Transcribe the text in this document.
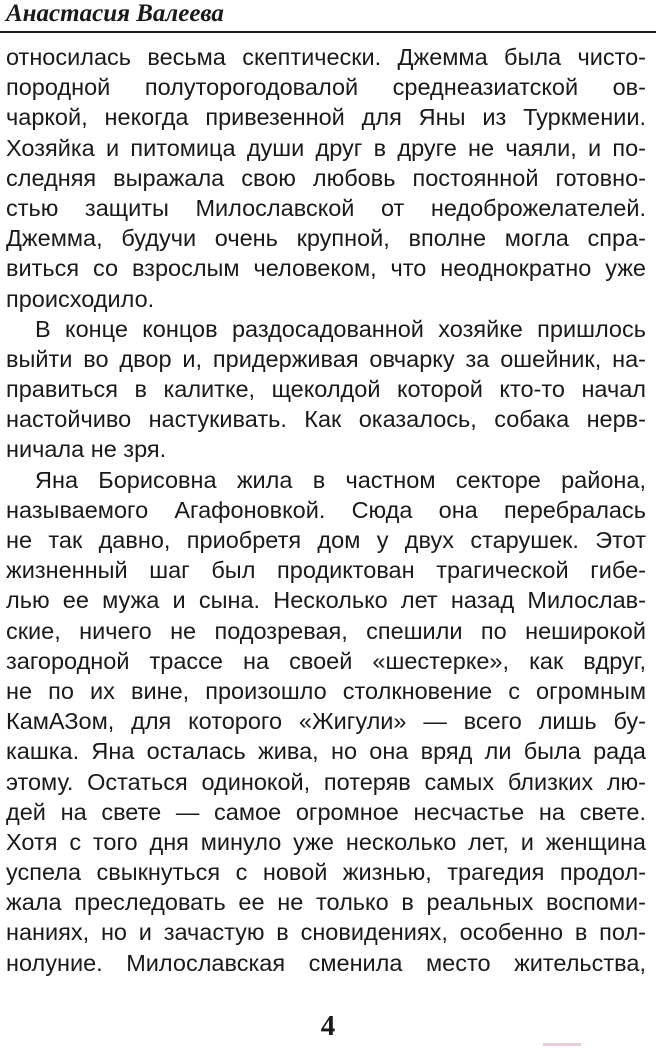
Анастасия Валеева
относилась весьма скептически. Джемма была чисто-
породной полуторогодовалой среднеазиатской ов-
чаркой, некогда привезенной для Яны из Туркмении.
Хозяйка и питомица души друг в друге не чаяли, и по-
следняя выражала свою любовь постоянной готовно-
стью защиты Милославской от недоброжелателей.
Джемма, будучи очень крупной, вполне могла спра-
виться со взрослым человеком, что неоднократно уже
происходило.
В конце концов раздосадованной хозяйке пришлось
выйти во двор и, придерживая овчарку за ошейник, на-
правиться в калитке, щеколдой которой кто-то начал
настойчиво настукивать. Как оказалось, собака нерв-
ничала не зря.
Яна Борисовна жила в частном секторе района,
называемого Агафоновкой. Сюда она перебралась
не так давно, приобретя дом у двух старушек. Этот
жизненный шаг был продиктован трагической гибе-
лью ее мужа и сына. Несколько лет назад Милослав-
ские, ничего не подозревая, спешили по неширокой
загородной трассе на своей «шестерке», как вдруг,
не по их вине, произошло столкновение с огромным
КамАЗом, для которого «Жигули» — всего лишь бу-
кашка. Яна осталась жива, но она вряд ли была рада
этому. Остаться одинокой, потеряв самых близких лю-
дей на свете — самое огромное несчастье на свете.
Хотя с того дня минуло уже несколько лет, и женщина
успела свыкнуться с новой жизнью, трагедия продол-
жала преследовать ее не только в реальных воспоми-
наниях, но и зачастую в сновидениях, особенно в пол-
нолуние. Милославская сменила место жительства,
4
